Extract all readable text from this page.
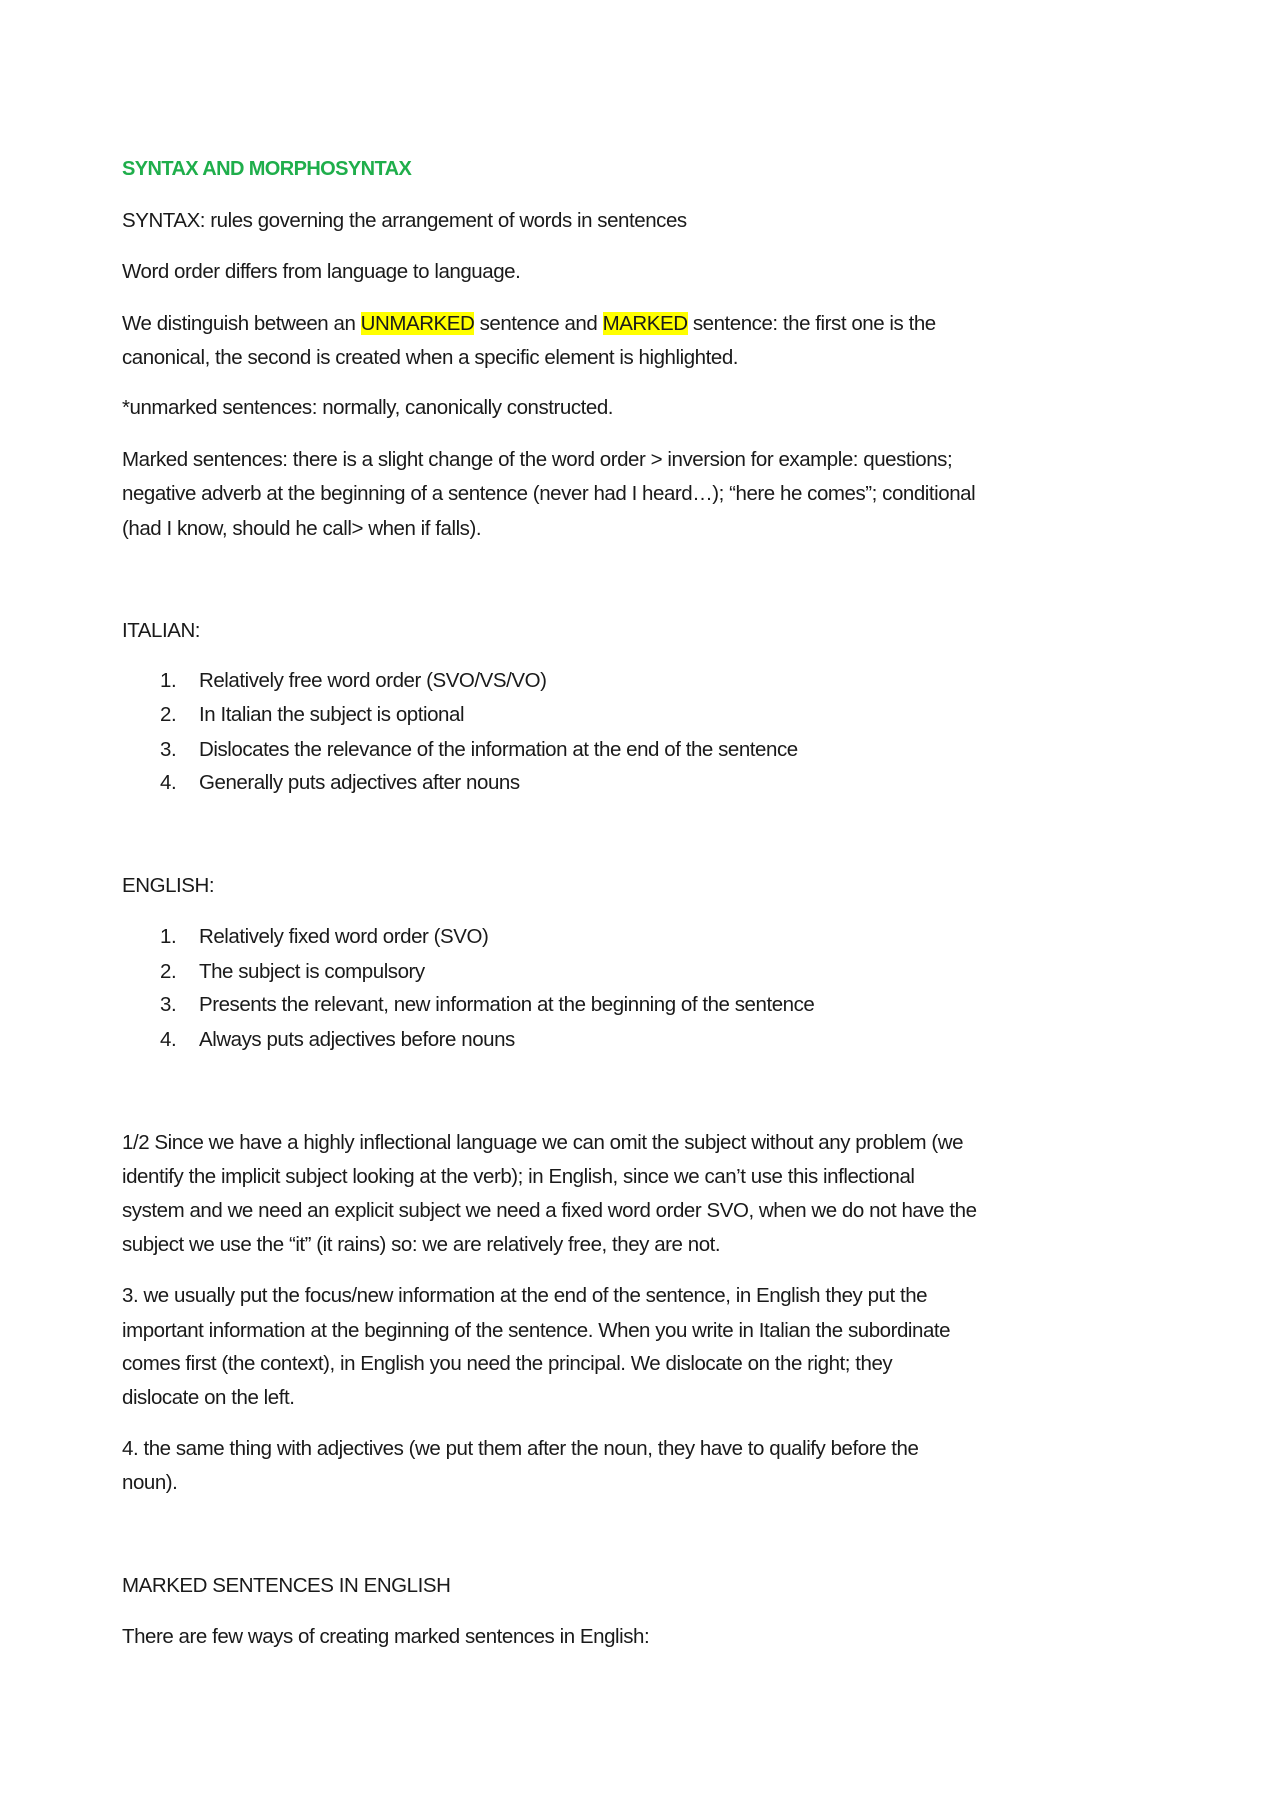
SYNTAX AND MORPHOSYNTAX
SYNTAX: rules governing the arrangement of words in sentences
Word order differs from language to language.
We distinguish between an UNMARKED sentence and MARKED sentence: the first one is the
canonical, the second is created when a specific element is highlighted.
*unmarked sentences: normally, canonically constructed.
Marked sentences: there is a slight change of the word order > inversion for example: questions;
negative adverb at the beginning of a sentence (never had I heard…); “here he comes”; conditional
(had I know, should he call> when if falls).
ITALIAN:
1. Relatively free word order (SVO/VS/VO)
2. In Italian the subject is optional
3. Dislocates the relevance of the information at the end of the sentence
4. Generally puts adjectives after nouns
ENGLISH:
1. Relatively fixed word order (SVO)
2. The subject is compulsory
3. Presents the relevant, new information at the beginning of the sentence
4. Always puts adjectives before nouns
1/2 Since we have a highly inflectional language we can omit the subject without any problem (we
identify the implicit subject looking at the verb); in English, since we can’t use this inflectional
system and we need an explicit subject we need a fixed word order SVO, when we do not have the
subject we use the “it” (it rains) so: we are relatively free, they are not.
3. we usually put the focus/new information at the end of the sentence, in English they put the
important information at the beginning of the sentence. When you write in Italian the subordinate
comes first (the context), in English you need the principal. We dislocate on the right; they
dislocate on the left.
4. the same thing with adjectives (we put them after the noun, they have to qualify before the
noun).
MARKED SENTENCES IN ENGLISH
There are few ways of creating marked sentences in English:
